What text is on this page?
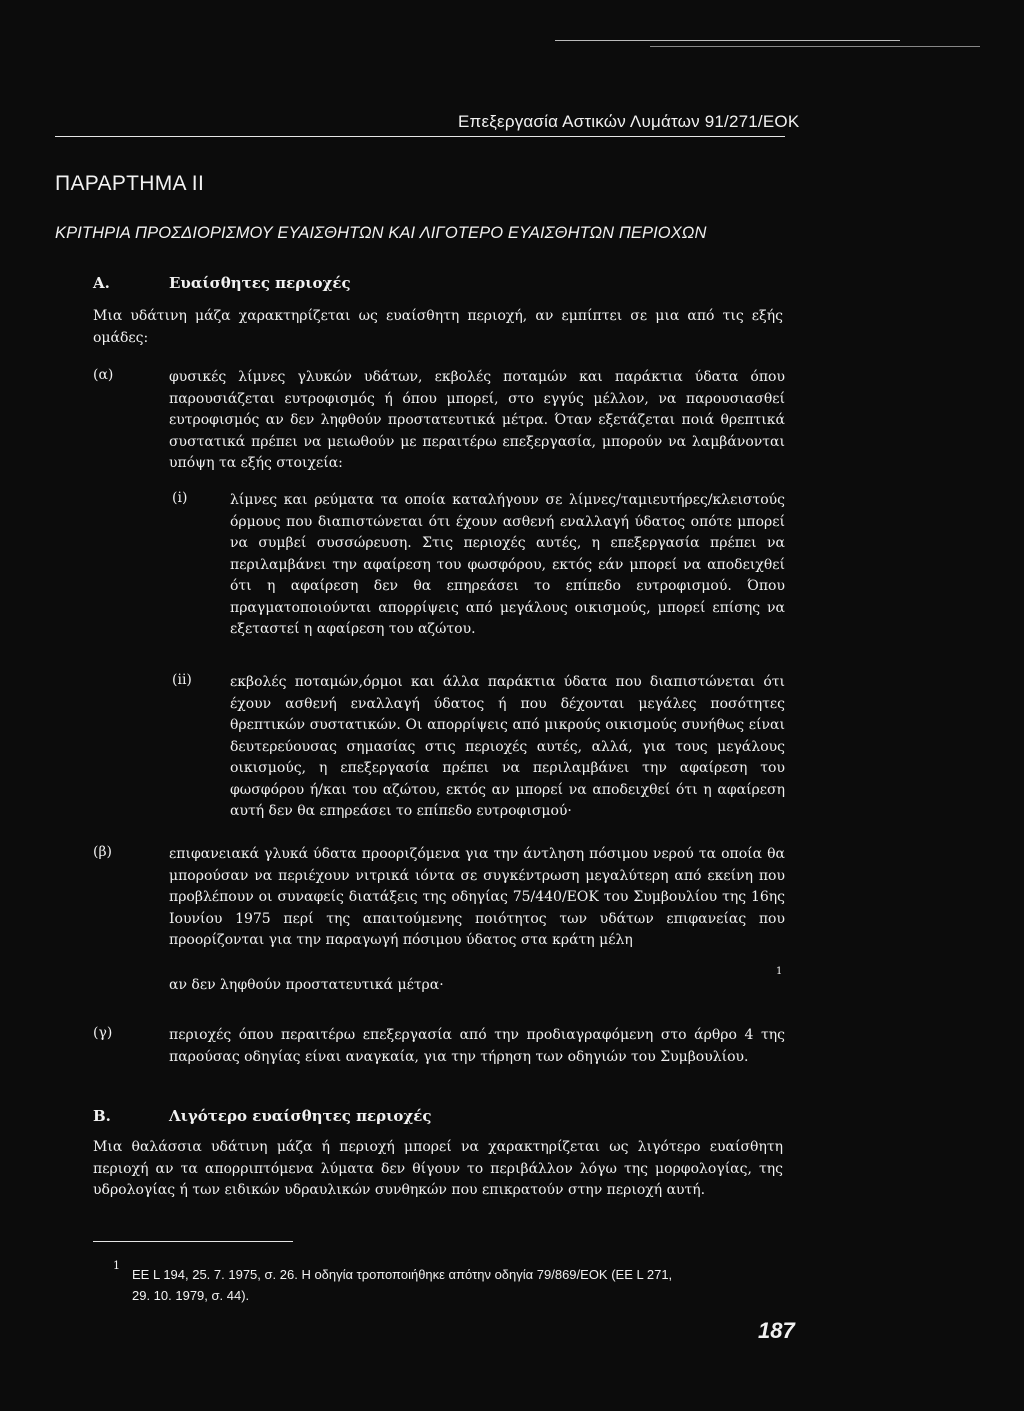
Επεξεργασία Αστικών Λυμάτων 91/271/ΕΟΚ
ΠΑΡΑΡΤΗΜΑ ΙΙ
ΚΡΙΤΗΡΙΑ ΠΡΟΣΔΙΟΡΙΣΜΟΥ ΕΥΑΙΣΘΗΤΩΝ ΚΑΙ ΛΙΓΟΤΕΡΟ ΕΥΑΙΣΘΗΤΩΝ ΠΕΡΙΟΧΩΝ
Α.	Ευαίσθητες περιοχές
Μια υδάτινη μάζα χαρακτηρίζεται ως ευαίσθητη περιοχή, αν εμπίπτει σε μια από τις εξής ομάδες:
(α)	φυσικές λίμνες γλυκών υδάτων, εκβολές ποταμών και παράκτια ύδατα όπου παρουσιάζεται ευτροφισμός ή όπου μπορεί, στο εγγύς μέλλον, να παρουσιασθεί ευτροφισμός αν δεν ληφθούν προστατευτικά μέτρα. Όταν εξετάζεται ποιά θρεπτικά συστατικά πρέπει να μειωθούν με περαιτέρω επεξεργασία, μπορούν να λαμβάνονται υπόψη τα εξής στοιχεία:
(i)	λίμνες και ρεύματα τα οποία καταλήγουν σε λίμνες/ταμιευτήρες/κλειστούς όρμους που διαπιστώνεται ότι έχουν ασθενή εναλλαγή ύδατος οπότε μπορεί να συμβεί συσσώρευση. Στις περιοχές αυτές, η επεξεργασία πρέπει να περιλαμβάνει την αφαίρεση του φωσφόρου, εκτός εάν μπορεί να αποδειχθεί ότι η αφαίρεση δεν θα επηρεάσει το επίπεδο ευτροφισμού. Όπου πραγματοποιούνται απορρίψεις από μεγάλους οικισμούς, μπορεί επίσης να εξεταστεί η αφαίρεση του αζώτου.
(ii)	εκβολές ποταμών,όρμοι και άλλα παράκτια ύδατα που διαπιστώνεται ότι έχουν ασθενή εναλλαγή ύδατος ή που δέχονται μεγάλες ποσότητες θρεπτικών συστατικών. Οι απορρίψεις από μικρούς οικισμούς συνήθως είναι δευτερεύουσας σημασίας στις περιοχές αυτές, αλλά, για τους μεγάλους οικισμούς, η επεξεργασία πρέπει να περιλαμβάνει την αφαίρεση του φωσφόρου ή/και του αζώτου, εκτός αν μπορεί να αποδειχθεί ότι η αφαίρεση αυτή δεν θα επηρεάσει το επίπεδο ευτροφισμού·
(β)	επιφανειακά γλυκά ύδατα προοριζόμενα για την άντληση πόσιμου νερού τα οποία θα μπορούσαν να περιέχουν νιτρικά ιόντα σε συγκέντρωση μεγαλύτερη από εκείνη που προβλέπουν οι συναφείς διατάξεις της οδηγίας 75/440/ΕΟΚ του Συμβουλίου της 16ης Ιουνίου 1975 περί της απαιτούμενης ποιότητος των υδάτων επιφανείας που προορίζονται για την παραγωγή πόσιμου ύδατος στα κράτη μέλη
1
αν δεν ληφθούν προστατευτικά μέτρα·
(γ)	περιοχές όπου περαιτέρω επεξεργασία από την προδιαγραφόμενη στο άρθρο 4 της παρούσας οδηγίας είναι αναγκαία, για την τήρηση των οδηγιών του Συμβουλίου.
Β.	Λιγότερο ευαίσθητες περιοχές
Μια θαλάσσια υδάτινη μάζα ή περιοχή μπορεί να χαρακτηρίζεται ως λιγότερο ευαίσθητη περιοχή αν τα απορριπτόμενα λύματα δεν θίγουν το περιβάλλον λόγω της μορφολογίας, της υδρολογίας ή των ειδικών υδραυλικών συνθηκών που επικρατούν στην περιοχή αυτή.
1
ΕΕ L 194, 25. 7. 1975, σ. 26. Η οδηγία τροποποιήθηκε απότην οδηγία 79/869/ΕΟΚ (ΕΕ L 271,
29. 10. 1979, σ. 44).
187
